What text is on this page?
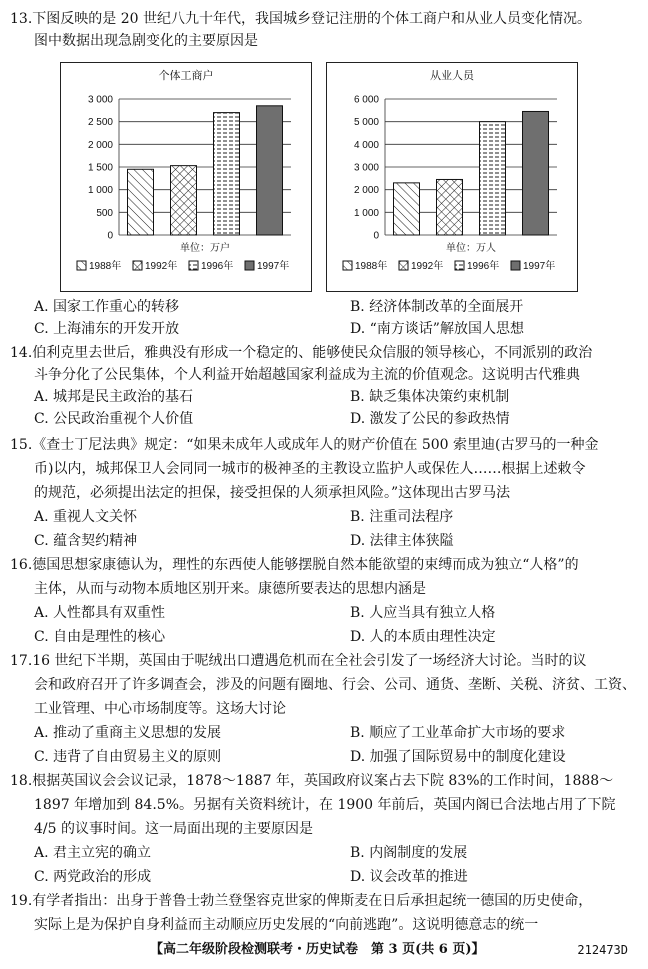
13.下图反映的是 20 世纪八九十年代，我国城乡登记注册的个体工商户和从业人员变化情况。
图中数据出现急剧变化的主要原因是
个体工商户
0
500
1 000
1 500
2 000
2 500
3 000
单位：万户
1988年 1992年 1996年 1997年
从业人员
0
1 000
2 000
3 000
4 000
5 000
6 000
单位：万人
1988年 1992年 1996年 1997年
A. 国家工作重心的转移	B. 经济体制改革的全面展开
C. 上海浦东的开发开放	D. “南方谈话”解放国人思想
14.伯利克里去世后，雅典没有形成一个稳定的、能够使民众信服的领导核心，不同派别的政治
斗争分化了公民集体，个人利益开始超越国家利益成为主流的价值观念。这说明古代雅典
A. 城邦是民主政治的基石	B. 缺乏集体决策约束机制
C. 公民政治重视个人价值	D. 激发了公民的参政热情
15.《查士丁尼法典》规定：“如果未成年人或成年人的财产价值在 500 索里迪(古罗马的一种金
币)以内，城邦保卫人会同同一城市的极神圣的主教设立监护人或保佐人……根据上述敕令
的规范，必须提出法定的担保，接受担保的人须承担风险。”这体现出古罗马法
A. 重视人文关怀	B. 注重司法程序
C. 蕴含契约精神	D. 法律主体狭隘
16.德国思想家康德认为，理性的东西使人能够摆脱自然本能欲望的束缚而成为独立“人格”的
主体，从而与动物本质地区别开来。康德所要表达的思想内涵是
A. 人性都具有双重性	B. 人应当具有独立人格
C. 自由是理性的核心	D. 人的本质由理性决定
17.16 世纪下半期，英国由于呢绒出口遭遇危机而在全社会引发了一场经济大讨论。当时的议
会和政府召开了许多调查会，涉及的问题有圈地、行会、公司、通货、垄断、关税、济贫、工资、
工业管理、中心市场制度等。这场大讨论
A. 推动了重商主义思想的发展	B. 顺应了工业革命扩大市场的要求
C. 违背了自由贸易主义的原则	D. 加强了国际贸易中的制度化建设
18.根据英国议会会议记录，1878～1887 年，英国政府议案占去下院 83%的工作时间，1888～
1897 年增加到 84.5%。另据有关资料统计，在 1900 年前后，英国内阁已合法地占用了下院
4/5 的议事时间。这一局面出现的主要原因是
A. 君主立宪的确立	B. 内阁制度的发展
C. 两党政治的形成	D. 议会改革的推进
19.有学者指出：出身于普鲁士勃兰登堡容克世家的俾斯麦在日后承担起统一德国的历史使命，
实际上是为保护自身利益而主动顺应历史发展的“向前逃跑”。这说明德意志的统一
【高二年级阶段检测联考・历史试卷　第 3 页(共 6 页)】	212473D
